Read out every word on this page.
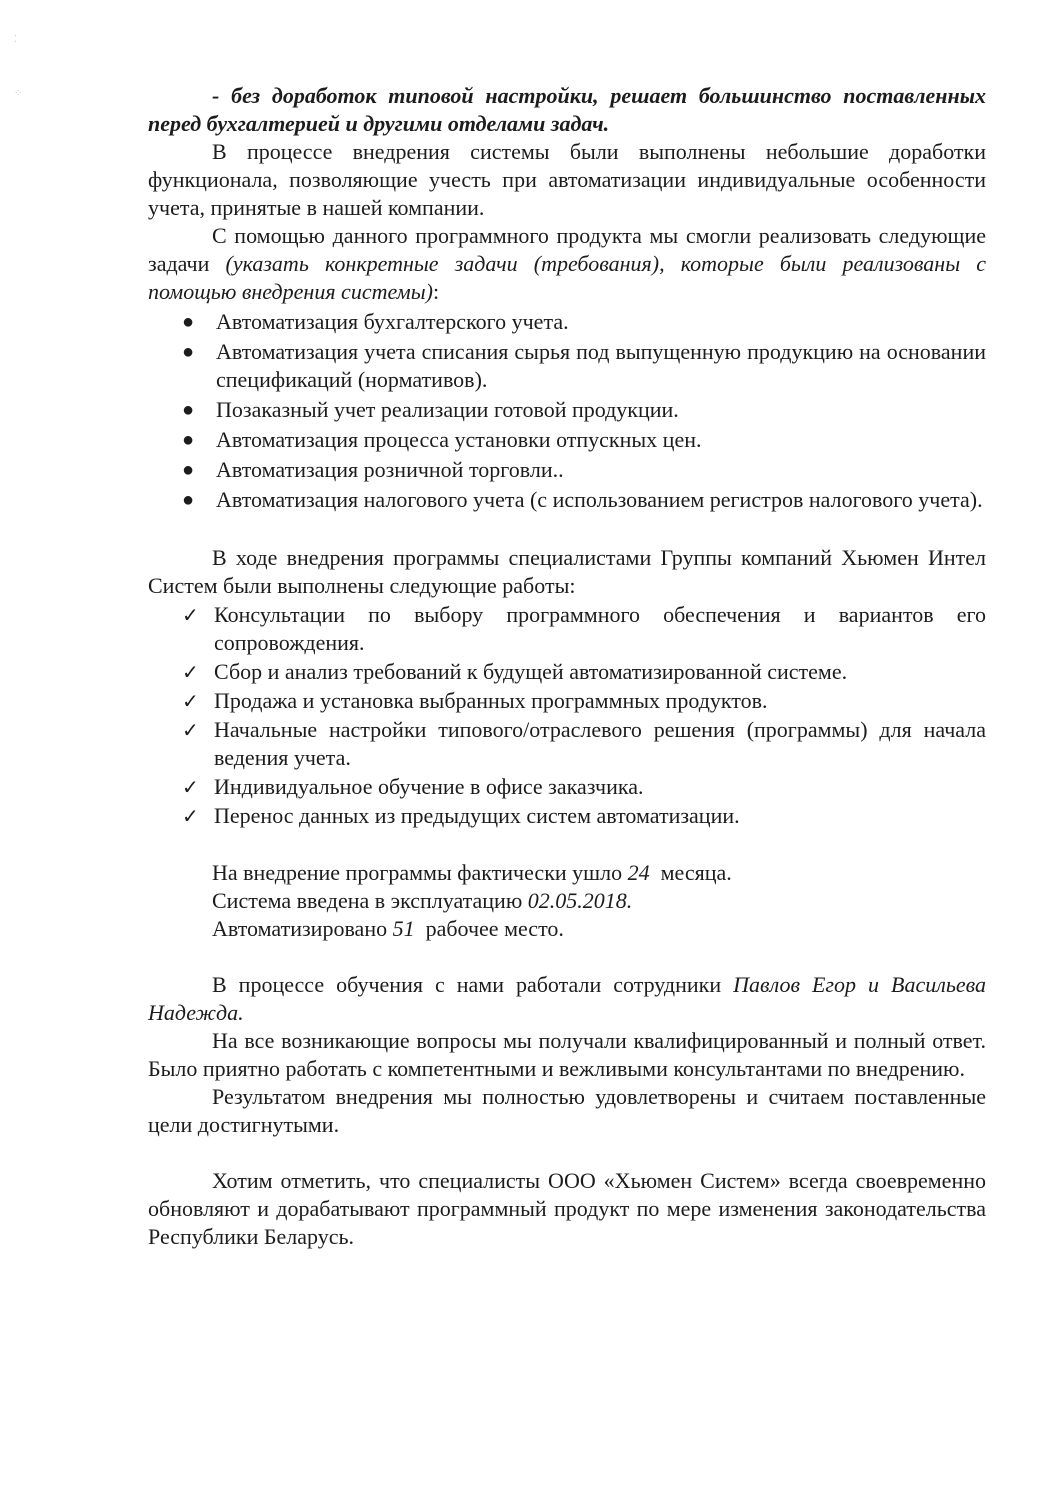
⁚
⁘	- без доработок типовой настройки, решает большинство поставленных перед бухгалтерией и другими отделами задач.

В процессе внедрения системы были выполнены небольшие доработки функционала, позволяющие учесть при автоматизации индивидуальные особенности учета, принятые в нашей компании.

С помощью данного программного продукта мы смогли реализовать следующие задачи (указать конкретные задачи (требования), которые были реализованы с помощью внедрения системы):

● Автоматизация бухгалтерского учета.
● Автоматизация учета списания сырья под выпущенную продукцию на основании спецификаций (нормативов).
● Позаказный учет реализации готовой продукции.
● Автоматизация процесса установки отпускных цен.
● Автоматизация розничной торговли..
● Автоматизация налогового учета (с использованием регистров налогового учета).

В ходе внедрения программы специалистами Группы компаний Хьюмен Интел Систем были выполнены следующие работы:

✓ Консультации по выбору программного обеспечения и вариантов его сопровождения.
✓ Сбор и анализ требований к будущей автоматизированной системе.
✓ Продажа и установка выбранных программных продуктов.
✓ Начальные настройки типового/отраслевого решения (программы) для начала ведения учета.
✓ Индивидуальное обучение в офисе заказчика.
✓ Перенос данных из предыдущих систем автоматизации.

На внедрение программы фактически ушло 24  месяца.

Система введена в эксплуатацию 02.05.2018.

Автоматизировано 51  рабочее место.

В процессе обучения с нами работали сотрудники Павлов Егор и Васильева Надежда.

На все возникающие вопросы мы получали квалифицированный и полный ответ. Было приятно работать с компетентными и вежливыми консультантами по внедрению.

Результатом внедрения мы полностью удовлетворены и считаем поставленные цели достигнутыми.

Хотим отметить, что специалисты ООО «Хьюмен Систем» всегда своевременно обновляют и дорабатывают программный продукт по мере изменения законодательства Республики Беларусь.
